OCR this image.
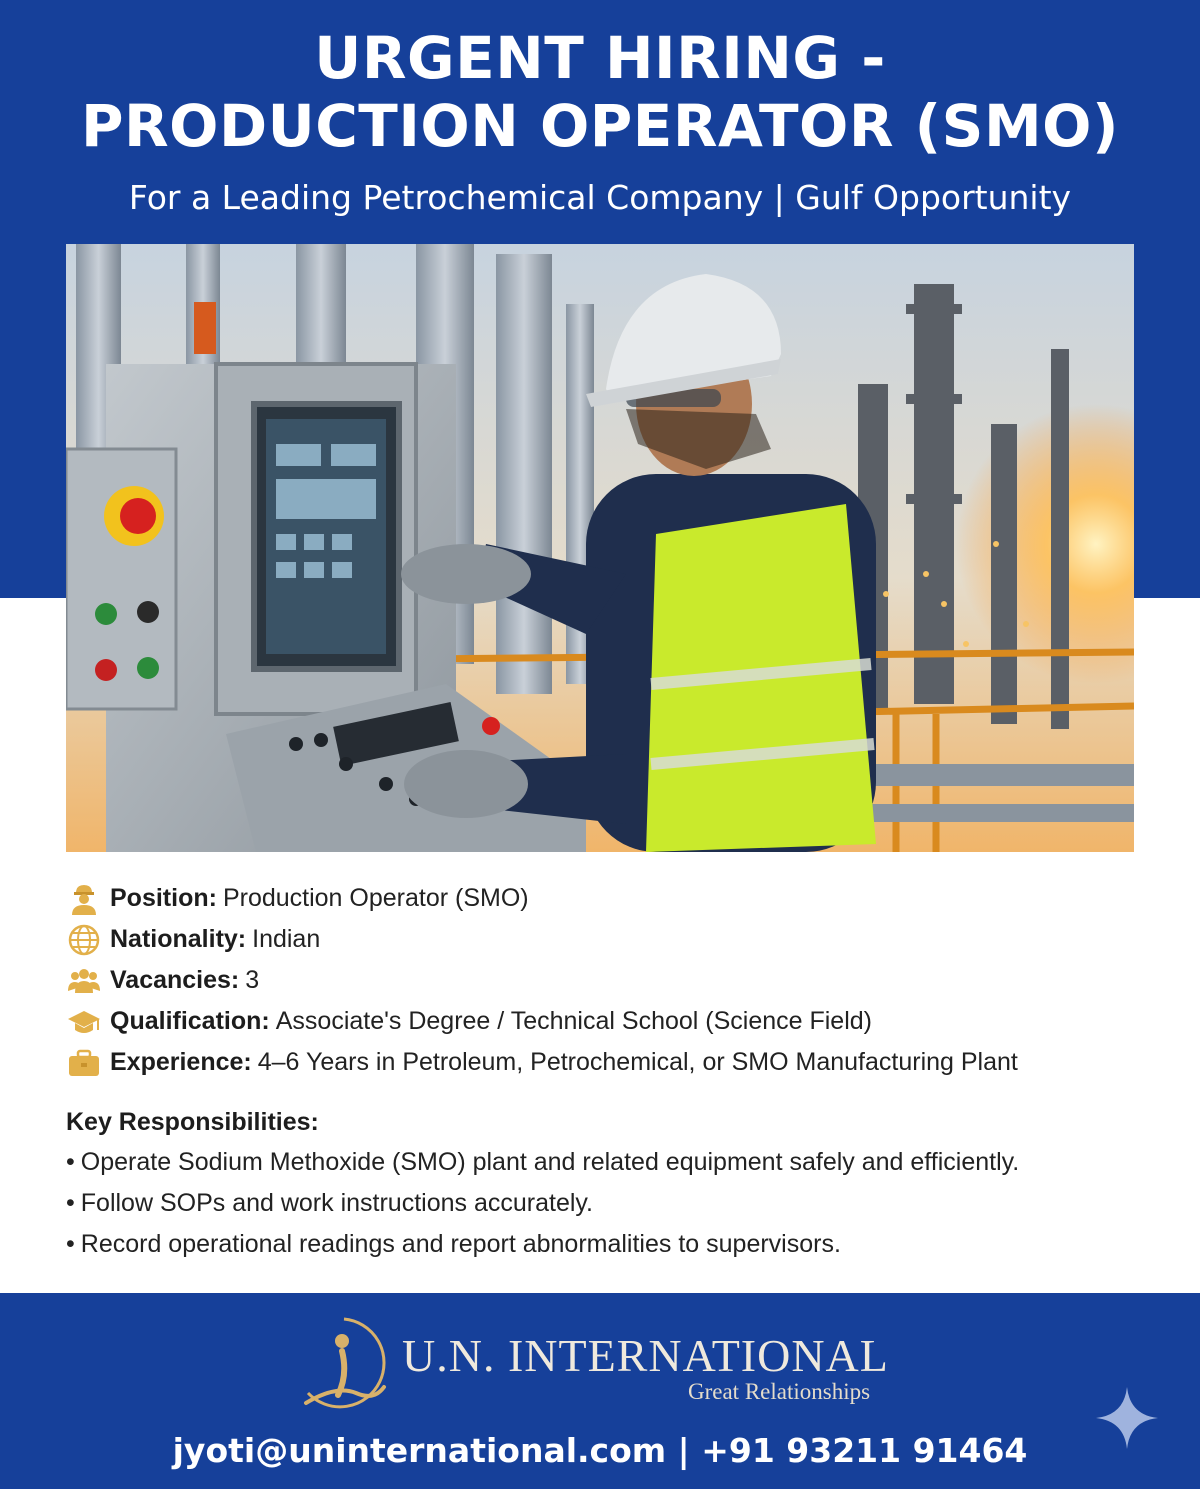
URGENT HIRING -
PRODUCTION OPERATOR (SMO)
For a Leading Petrochemical Company | Gulf Opportunity
Position: Production Operator (SMO)
Nationality: Indian
Vacancies: 3
Qualification: Associate's Degree / Technical School (Science Field)
Experience: 4–6 Years in Petroleum, Petrochemical, or SMO Manufacturing Plant
Key Responsibilities:
• Operate Sodium Methoxide (SMO) plant and related equipment safely and efficiently.
• Follow SOPs and work instructions accurately.
• Record operational readings and report abnormalities to supervisors.
U.N. INTERNATIONAL
Great Relationships
jyoti@uninternational.com | +91 93211 91464
